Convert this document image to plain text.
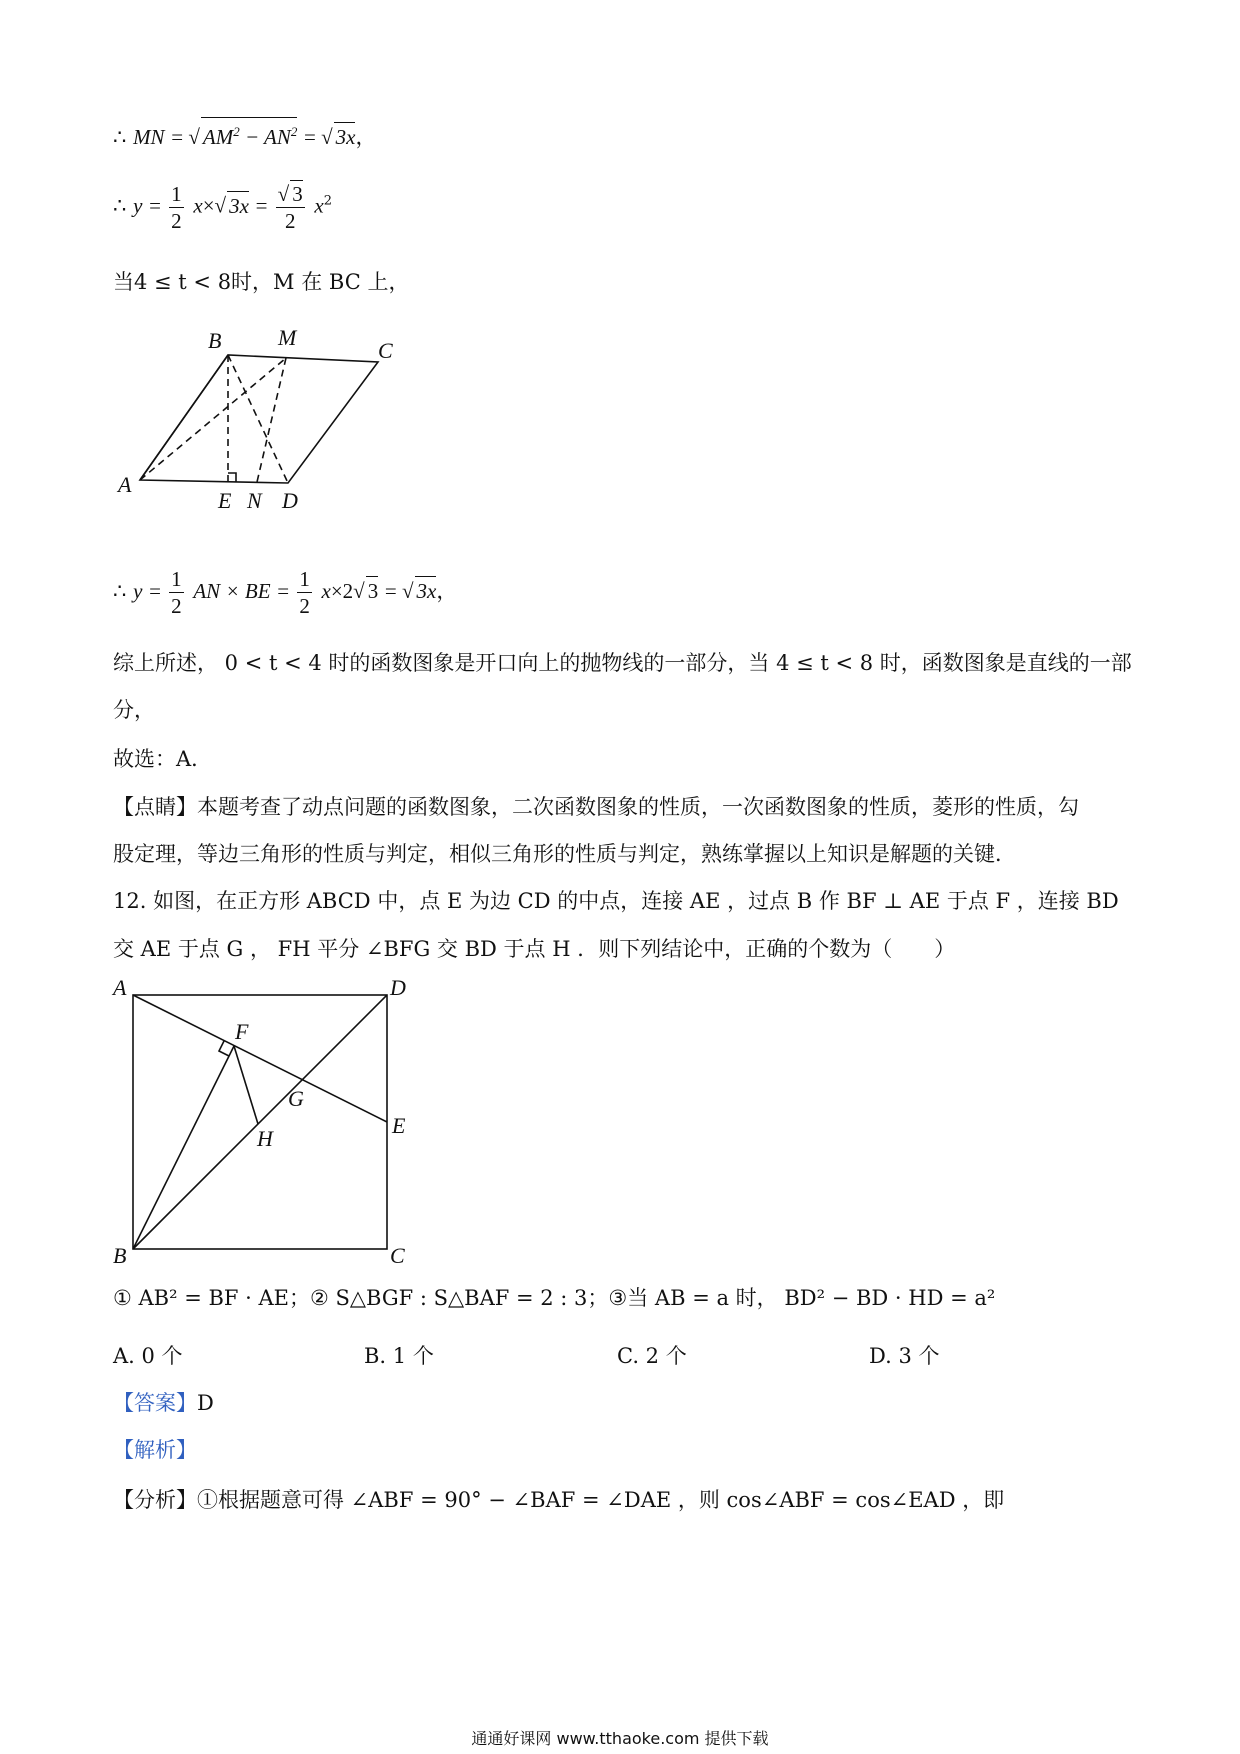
∴ MN = √ $AM^2 - AN^2$ = √ 3x，
∴ $y = \frac{1}{2} x\times√$ $3x = \frac{√ 3}{2} x^2$
当4 ≤ t < 8时，M 在 BC 上，
B	M
C
A
E N D
∴ $y = \frac{1}{2}$ AN × BE = $\frac{1}{2} x\times 2√$ 3 = √ 3x，
综上所述， 0 < t < 4 时的函数图象是开口向上的抛物线的一部分，当 4 ≤ t < 8 时，函数图象是直线的一部
分，
故选：A．
【点睛】本题考查了动点问题的函数图象，二次函数图象的性质，一次函数图象的性质，菱形的性质，勾
股定理，等边三角形的性质与判定，相似三角形的性质与判定，熟练掌握以上知识是解题的关键．
12. 如图，在正方形 ABCD 中，点 E 为边 CD 的中点，连接 AE ，过点 B 作 BF ⊥ AE 于点 F ，连接 BD
交 AE 于点 G ， FH 平分 ∠BFG 交 BD 于点 H ．则下列结论中，正确的个数为（　　）
A	D
B	C
E
F
G
H
① AB² = BF · AE；② S△BGF : S△BAF = 2 : 3；③当 AB = a 时， BD² − BD · HD = a²
A. 0 个	B. 1 个	C. 2 个	D. 3 个
【答案】D
【解析】
【分析】①根据题意可得 ∠ABF = 90° − ∠BAF = ∠DAE ，则 cos∠ABF = cos∠EAD ，即
通通好课网 www.tthaoke.com 提供下载
